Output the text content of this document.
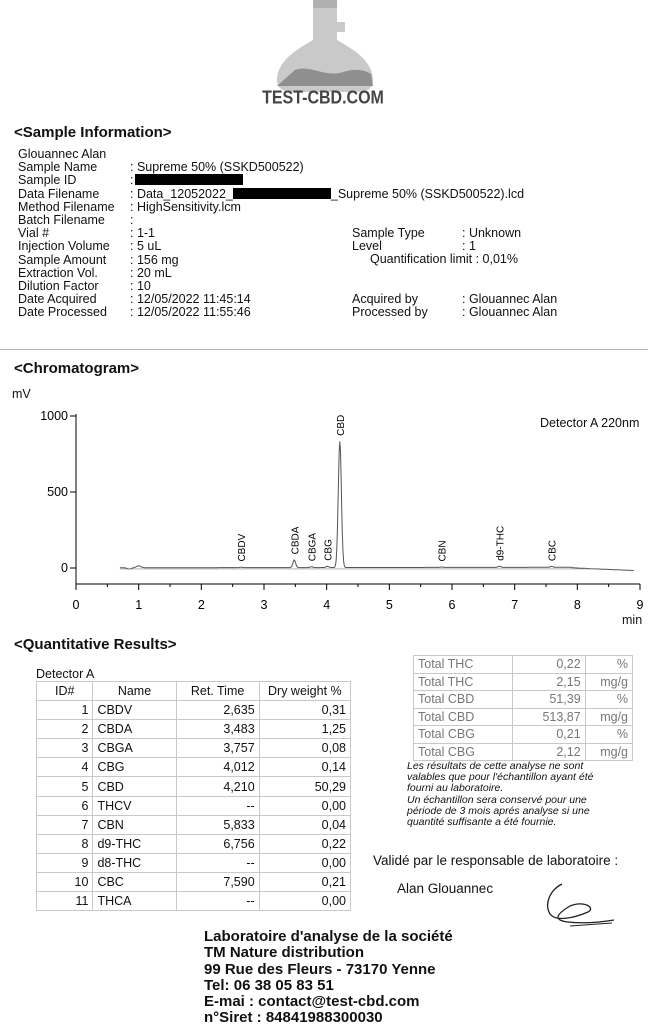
TEST-CBD.COM
<Sample Information>
Glouannec Alan
Sample Name	: Supreme 50% (SSKD500522)
Sample ID	:
Data Filename : Data_12052022_	_Supreme 50% (SSKD500522).lcd
Method Filename : HighSensitivity.lcm
Batch Filename :
Vial #	: 1-1
Injection Volume : 5 uL
Sample Amount : 156 mg
Extraction Vol.	: 20 mL
Dilution Factor	: 10
Date Acquired	: 12/05/2022 11:45:14
Date Processed : 12/05/2022 11:55:46
Sample Type	: Unknown
Level	: 1
Quantification limit : 0,01%
Acquired by	: Glouannec Alan
Processed by	: Glouannec Alan
<Chromatogram>
mV
Detector A 220nm
min
0	1	2	3	4	5	6	7	8	9
0
500
1000
CBDV	CBDA CBGA CBG
CBD
CBN	d9-THC	CBC
<Quantitative Results>
Detector A
ID#	Name	Ret. Time	Dry weight %
1	CBDV	2,635	0,31
2	CBDA	3,483	1,25
3	CBGA	3,757	0,08
4	CBG	4,012	0,14
5	CBD	4,210	50,29
6	THCV	--	0,00
7	CBN	5,833	0,04
8	d9-THC	6,756	0,22
9	d8-THC	--	0,00
10	CBC	7,590	0,21
11	THCA	--	0,00
Total THC	0,22	%
Total THC	2,15	mg/g
Total CBD	51,39	%
Total CBD	513,87	mg/g
Total CBG	0,21	%
Total CBG	2,12	mg/g
Les résultats de cette analyse ne sont
valables que pour l'échantillon ayant été
fourni au laboratoire.
Un échantillon sera conservé pour une
période de 3 mois aprés analyse si une
quantité suffisante a été fournie.
Validé par le responsable de laboratoire :
Alan Glouannec
Laboratoire d'analyse de la société
TM Nature distribution
99 Rue des Fleurs - 73170 Yenne
Tel: 06 38 05 83 51
E-mai : contact@test-cbd.com
n°Siret : 84841988300030
